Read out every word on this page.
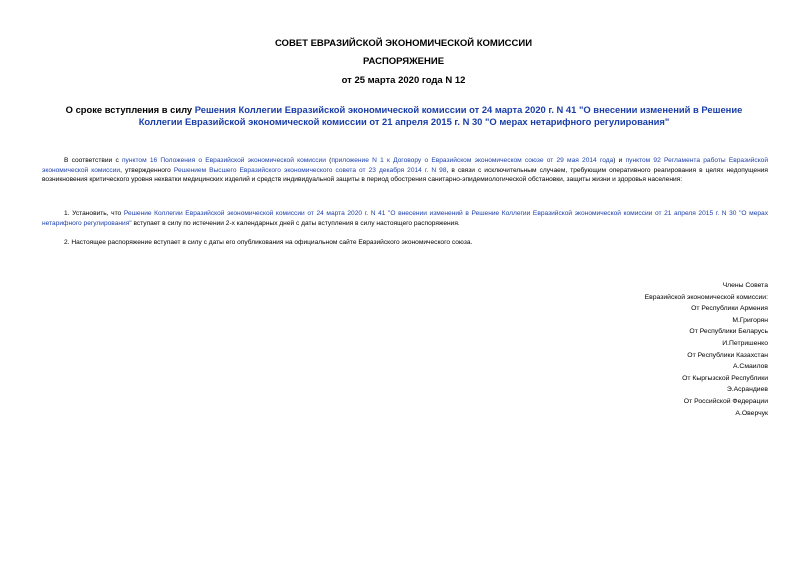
СОВЕТ ЕВРАЗИЙСКОЙ ЭКОНОМИЧЕСКОЙ КОМИССИИ
РАСПОРЯЖЕНИЕ
от 25 марта 2020 года N 12
О сроке вступления в силу Решения Коллегии Евразийской экономической комиссии от 24 марта 2020 г. N 41 "О внесении изменений в Решение Коллегии Евразийской экономической комиссии от 21 апреля 2015 г. N 30 "О мерах нетарифного регулирования"
В соответствии с пунктом 16 Положения о Евразийской экономической комиссии (приложение N 1 к Договору о Евразийском экономическом союзе от 29 мая 2014 года) и пунктом 92 Регламента работы Евразийской экономической комиссии, утвержденного Решением Высшего Евразийского экономического совета от 23 декабря 2014 г. N 98, в связи с исключительным случаем, требующим оперативного реагирования в целях недопущения возникновения критического уровня нехватки медицинских изделий и средств индивидуальной защиты в период обострения санитарно-эпидемиологической обстановки, защиты жизни и здоровья населения:
1. Установить, что Решение Коллегии Евразийской экономической комиссии от 24 марта 2020 г. N 41 "О внесении изменений в Решение Коллегии Евразийской экономической комиссии от 21 апреля 2015 г. N 30 "О мерах нетарифного регулирования" вступает в силу по истечении 2-х календарных дней с даты вступления в силу настоящего распоряжения.
2. Настоящее распоряжение вступает в силу с даты его опубликования на официальном сайте Евразийского экономического союза.
Члены Совета
Евразийской экономической комиссии:
От Республики Армения
М.Григорян
От Республики Беларусь
И.Петришенко
От Республики Казахстан
А.Смаилов
От Кыргызской Республики
Э.Асрандиев
От Российской Федерации
А.Оверчук
